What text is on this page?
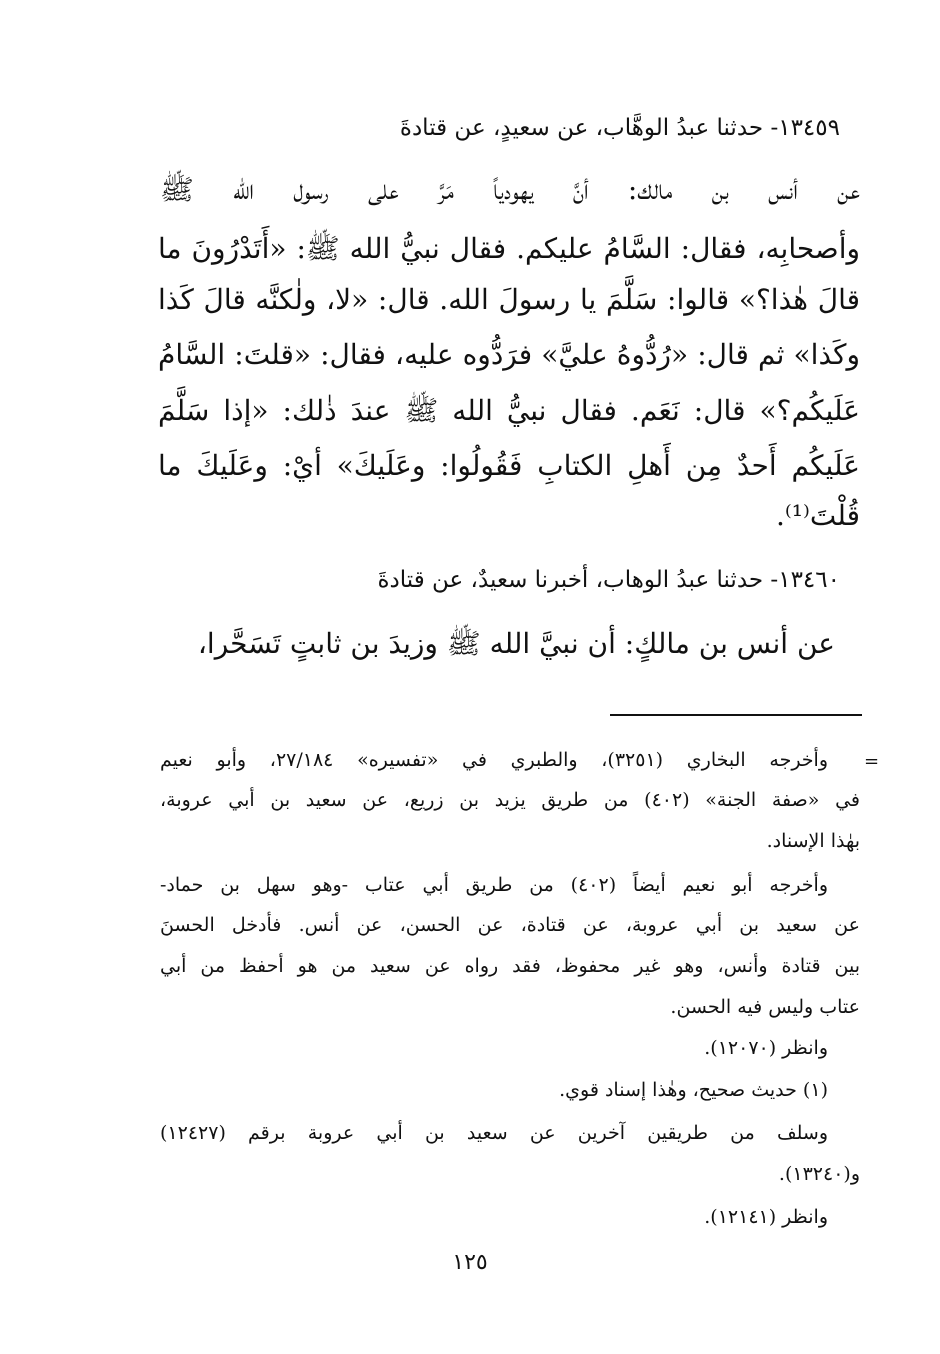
١٣٤٥٩- حدثنا عبدُ الوهَّاب، عن سعيدٍ، عن قتادةَ
عن أنس بن مالك: أنَّ يهودياً مَرَّ على رسول الله ﷺ
وأصحابِه، فقال: السَّامُ عليكم. فقال نبيُّ الله ﷺ: «أَتَدْرُونَ ما
قالَ هٰذا؟» قالوا: سَلَّمَ يا رسولَ الله. قال: «لا، ولٰكنَّه قالَ كَذا
وكَذا» ثم قال: «رُدُّوهُ عليَّ» فرَدُّوه عليه، فقال: «قلتَ: السَّامُ
عَلَيكُم؟» قال: نَعَم. فقال نبيُّ الله ﷺ عندَ ذٰلك: «إذا سَلَّمَ
عَلَيكُم أَحدٌ مِن أَهلِ الكتابِ فَقُولُوا: وعَلَيكَ» أيْ: وعَلَيكَ ما
قُلْتَ⁽¹⁾.
١٣٤٦٠- حدثنا عبدُ الوهاب، أخبرنا سعيدٌ، عن قتادةَ
عن أنس بن مالكٍ: أن نبيَّ الله ﷺ وزيدَ بن ثابتٍ تَسَحَّرا،
=
وأخرجه البخاري (٣٢٥١)، والطبري في «تفسيره» ٢٧/١٨٤، وأبو نعيم
في «صفة الجنة» (٤٠٢) من طريق يزيد بن زريع، عن سعيد بن أبي عروبة،
بهٰذا الإسناد.
وأخرجه أبو نعيم أيضاً (٤٠٢) من طريق أبي عتاب -وهو سهل بن حماد-
عن سعيد بن أبي عروبة، عن قتادة، عن الحسن، عن أنس. فأدخل الحسنَ
بين قتادة وأنس، وهو غير محفوظ، فقد رواه عن سعيد من هو أحفظ من أبي
عتاب وليس فيه الحسن.
وانظر (١٢٠٧٠).
(١) حديث صحيح، وهٰذا إسناد قوي.
وسلف من طريقين آخرين عن سعيد بن أبي عروبة برقم (١٢٤٢٧)
و(١٣٢٤٠).
وانظر (١٢١٤١).
١٢٥
